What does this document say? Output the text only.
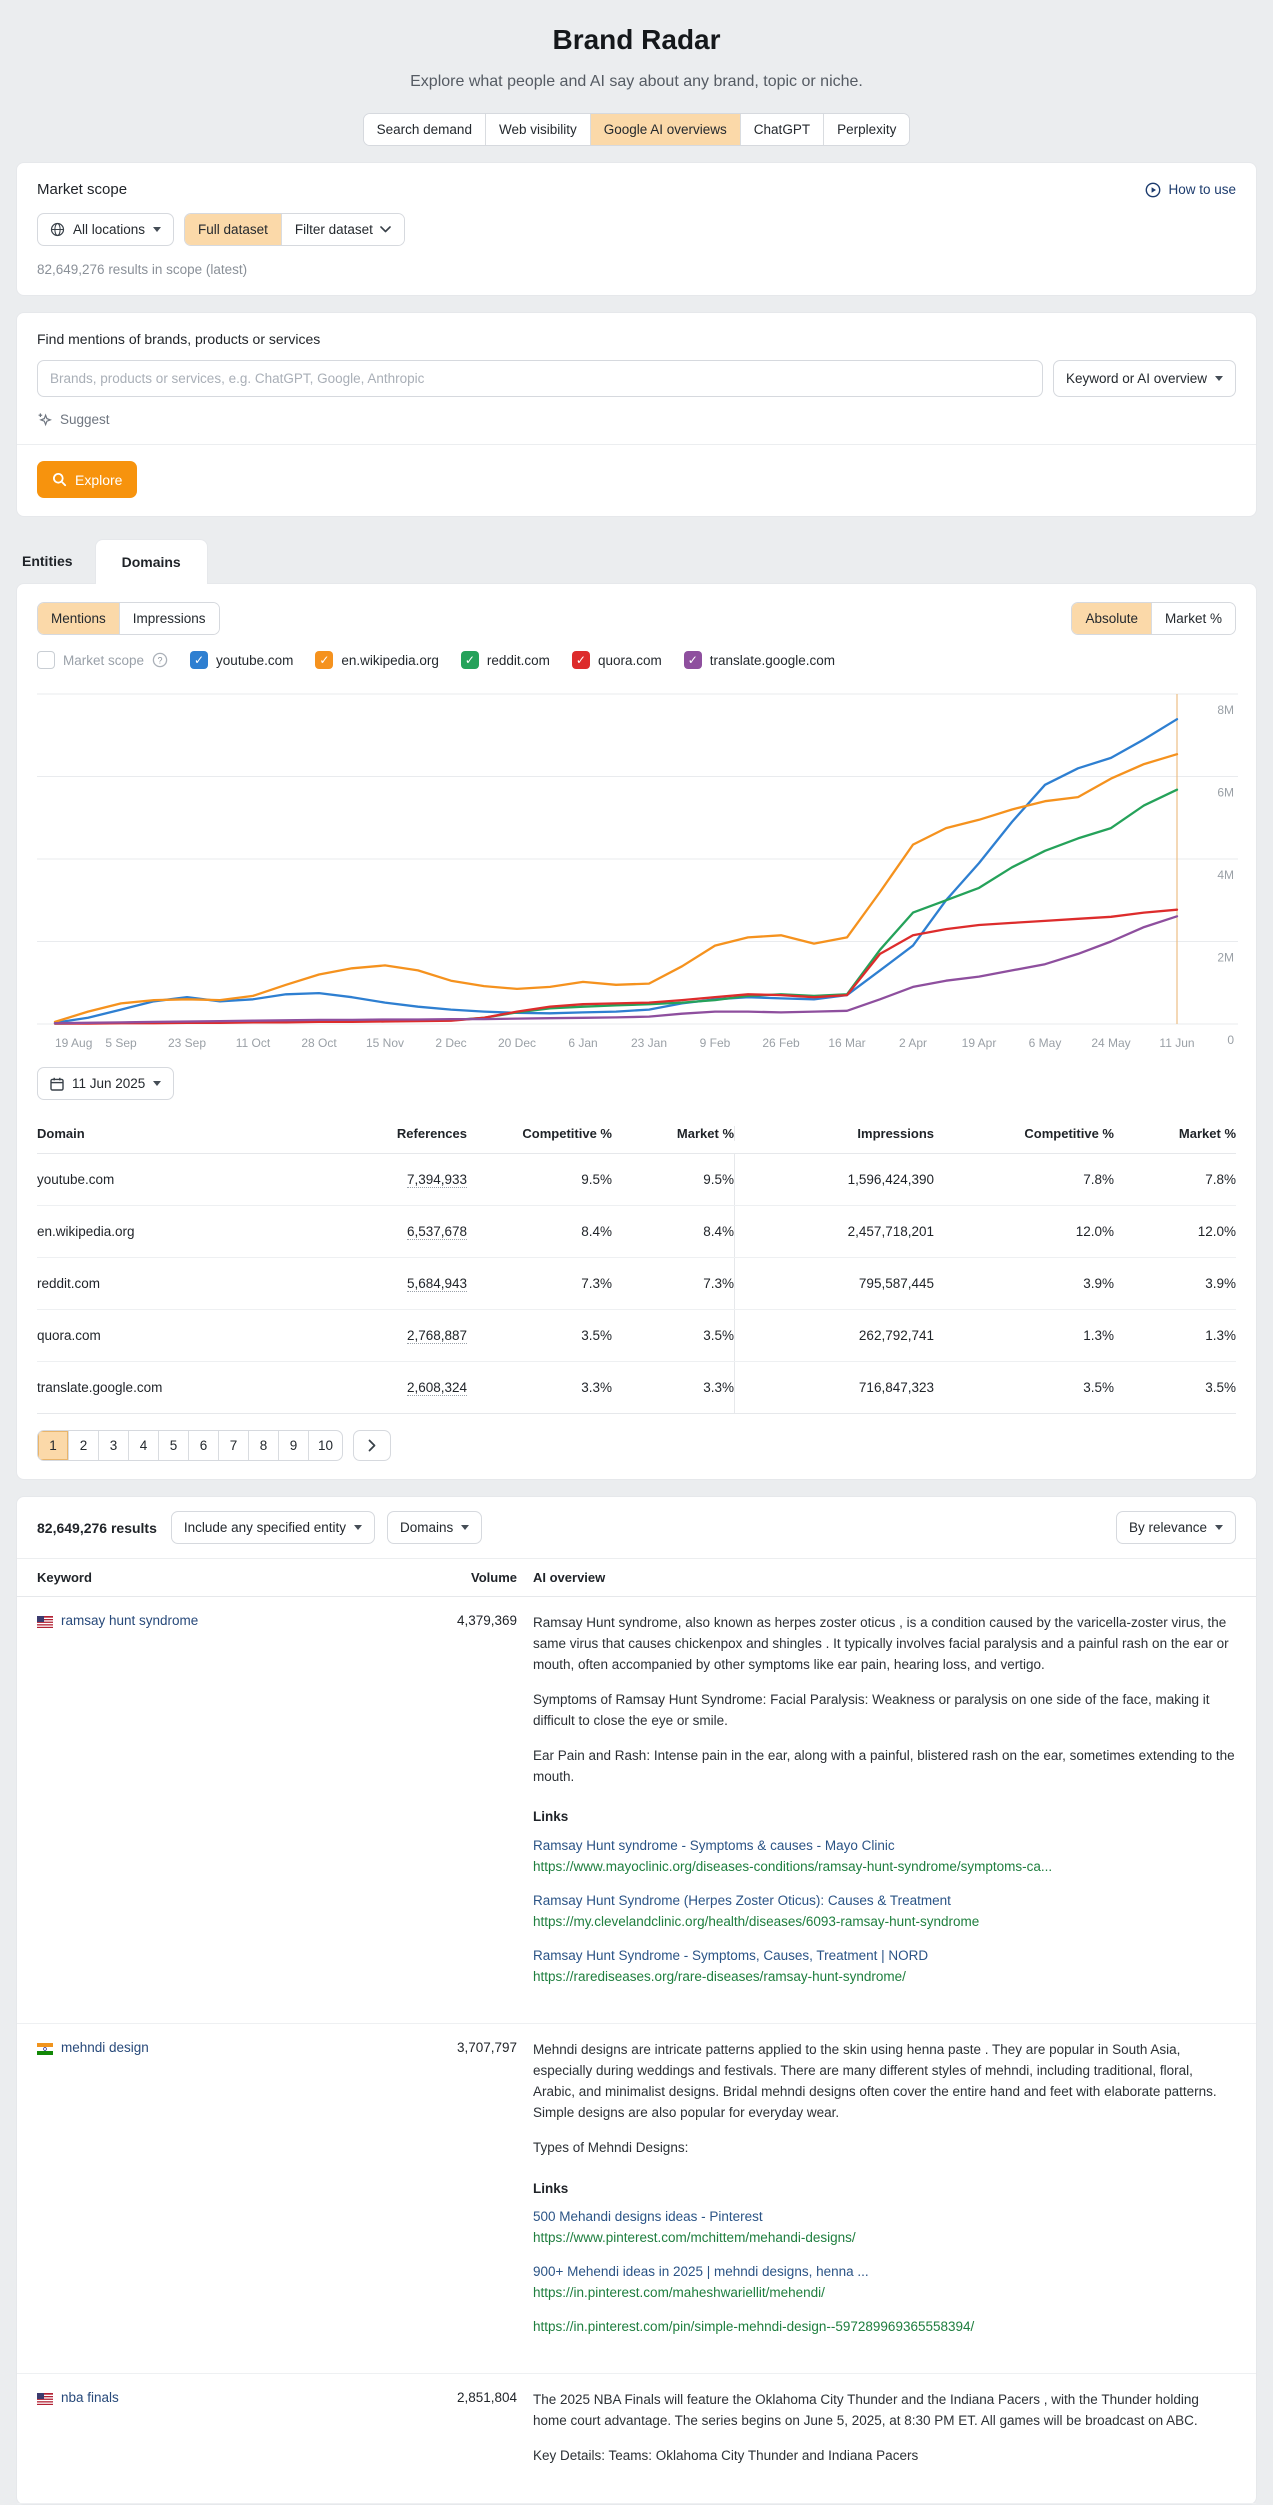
Brand Radar
Explore what people and AI say about any brand, topic or niche.
Search demand	Web visibility	Google AI overviews	ChatGPT	Perplexity
Market scope	How to use
All locations	Full dataset	Filter dataset
82,649,276 results in scope (latest)
Find mentions of brands, products or services
Brands, products or services, e.g. ChatGPT, Google, Anthropic
Keyword or AI overview
Suggest
Explore
Entities	Domains
Mentions	Impressions	Absolute	Market %
Market scope ?	✓ youtube.com	✓ en.wikipedia.org	✓ reddit.com	✓ quora.com	✓ translate.google.com
8M
6M
4M
2M
0
19 Aug 5 Sep	23 Sep 11 Oct	28 Oct 15 Nov	2 Dec	20 Dec	6 Jan	23 Jan	9 Feb	26 Feb 16 Mar	2 Apr	19 Apr	6 May 24 May 11 Jun
11 Jun 2025
Domain	References	Competitive %	Market %	Impressions	Competitive %	Market %
youtube.com	7,394,933	9.5%	9.5%	1,596,424,390	7.8%	7.8%
en.wikipedia.org	6,537,678	8.4%	8.4%	2,457,718,201	12.0%	12.0%
reddit.com	5,684,943	7.3%	7.3%	795,587,445	3.9%	3.9%
quora.com	2,768,887	3.5%	3.5%	262,792,741	1.3%	1.3%
translate.google.com	2,608,324	3.3%	3.3%	716,847,323	3.5%	3.5%
1	2	3	4	5	6	7	8	9	10
82,649,276 results Include any specified entity	Domains	By relevance
Keyword	Volume	AI overview
ramsay hunt syndrome	4,379,369 Ramsay Hunt syndrome, also known as herpes zoster oticus , is a condition caused by the varicella-zoster virus, the same virus that causes chickenpox and shingles . It typically involves facial paralysis and a painful rash on the ear or mouth, often accompanied by other symptoms like ear pain, hearing loss, and vertigo.

Symptoms of Ramsay Hunt Syndrome: Facial Paralysis: Weakness or paralysis on one side of the face, making it difficult to close the eye or smile.

Ear Pain and Rash: Intense pain in the ear, along with a painful, blistered rash on the ear, sometimes extending to the mouth.

Links
Ramsay Hunt syndrome - Symptoms & causes - Mayo Clinic
https://www.mayoclinic.org/diseases-conditions/ramsay-hunt-syndrome/symptoms-ca...
Ramsay Hunt Syndrome (Herpes Zoster Oticus): Causes & Treatment
https://my.clevelandclinic.org/health/diseases/6093-ramsay-hunt-syndrome
Ramsay Hunt Syndrome - Symptoms, Causes, Treatment | NORD
https://rarediseases.org/rare-diseases/ramsay-hunt-syndrome/
mehndi design	3,707,797 Mehndi designs are intricate patterns applied to the skin using henna paste . They are popular in South Asia, especially during weddings and festivals. There are many different styles of mehndi, including traditional, floral, Arabic, and minimalist designs. Bridal mehndi designs often cover the entire hand and feet with elaborate patterns. Simple designs are also popular for everyday wear.

Types of Mehndi Designs:

Links
500 Mehandi designs ideas - Pinterest
https://www.pinterest.com/mchittem/mehandi-designs/
900+ Mehendi ideas in 2025 | mehndi designs, henna ...
https://in.pinterest.com/maheshwariellit/mehendi/
https://in.pinterest.com/pin/simple-mehndi-design--597289969365558394/
nba finals	2,851,804 The 2025 NBA Finals will feature the Oklahoma City Thunder and the Indiana Pacers , with the Thunder holding home court advantage. The series begins on June 5, 2025, at 8:30 PM ET. All games will be broadcast on ABC.

Key Details: Teams: Oklahoma City Thunder and Indiana Pacers
